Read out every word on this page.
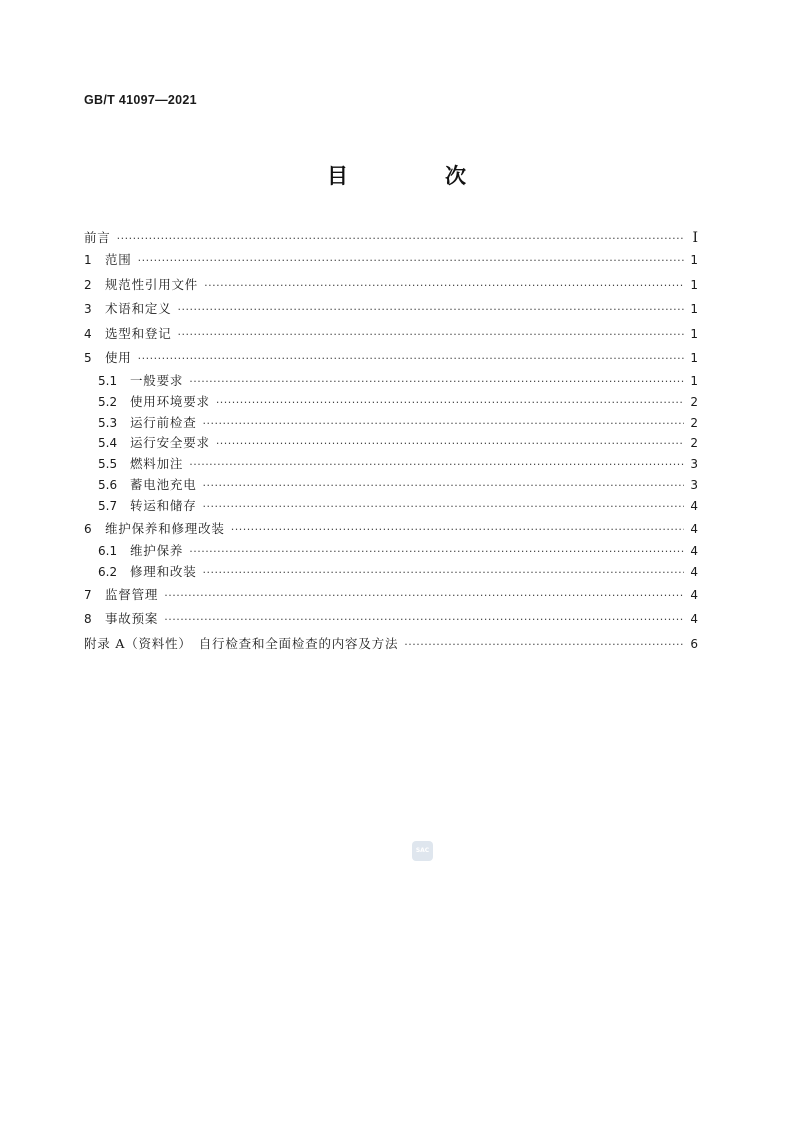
GB/T 41097—2021
目　次
前言 ·····	Ⅰ
1	范围 ·····	1
2	规范性引用文件 ·····	1
3	术语和定义 ·····	1
4	选型和登记 ·····	1
5	使用 ·····	1
5.1	一般要求 ·····	1
5.2	使用环境要求 ·····	2
5.3	运行前检查 ·····	2
5.4	运行安全要求 ·····	2
5.5	燃料加注 ·····	3
5.6	蓄电池充电 ·····	3
5.7	转运和储存 ·····	4
6	维护保养和修理改装 ·····	4
6.1	维护保养 ·····	4
6.2	修理和改装 ·····	4
7	监督管理 ·····	4
8	事故预案 ·····	4
附录 A（资料性）　自行检查和全面检查的内容及方法 ·····	6
SAC
